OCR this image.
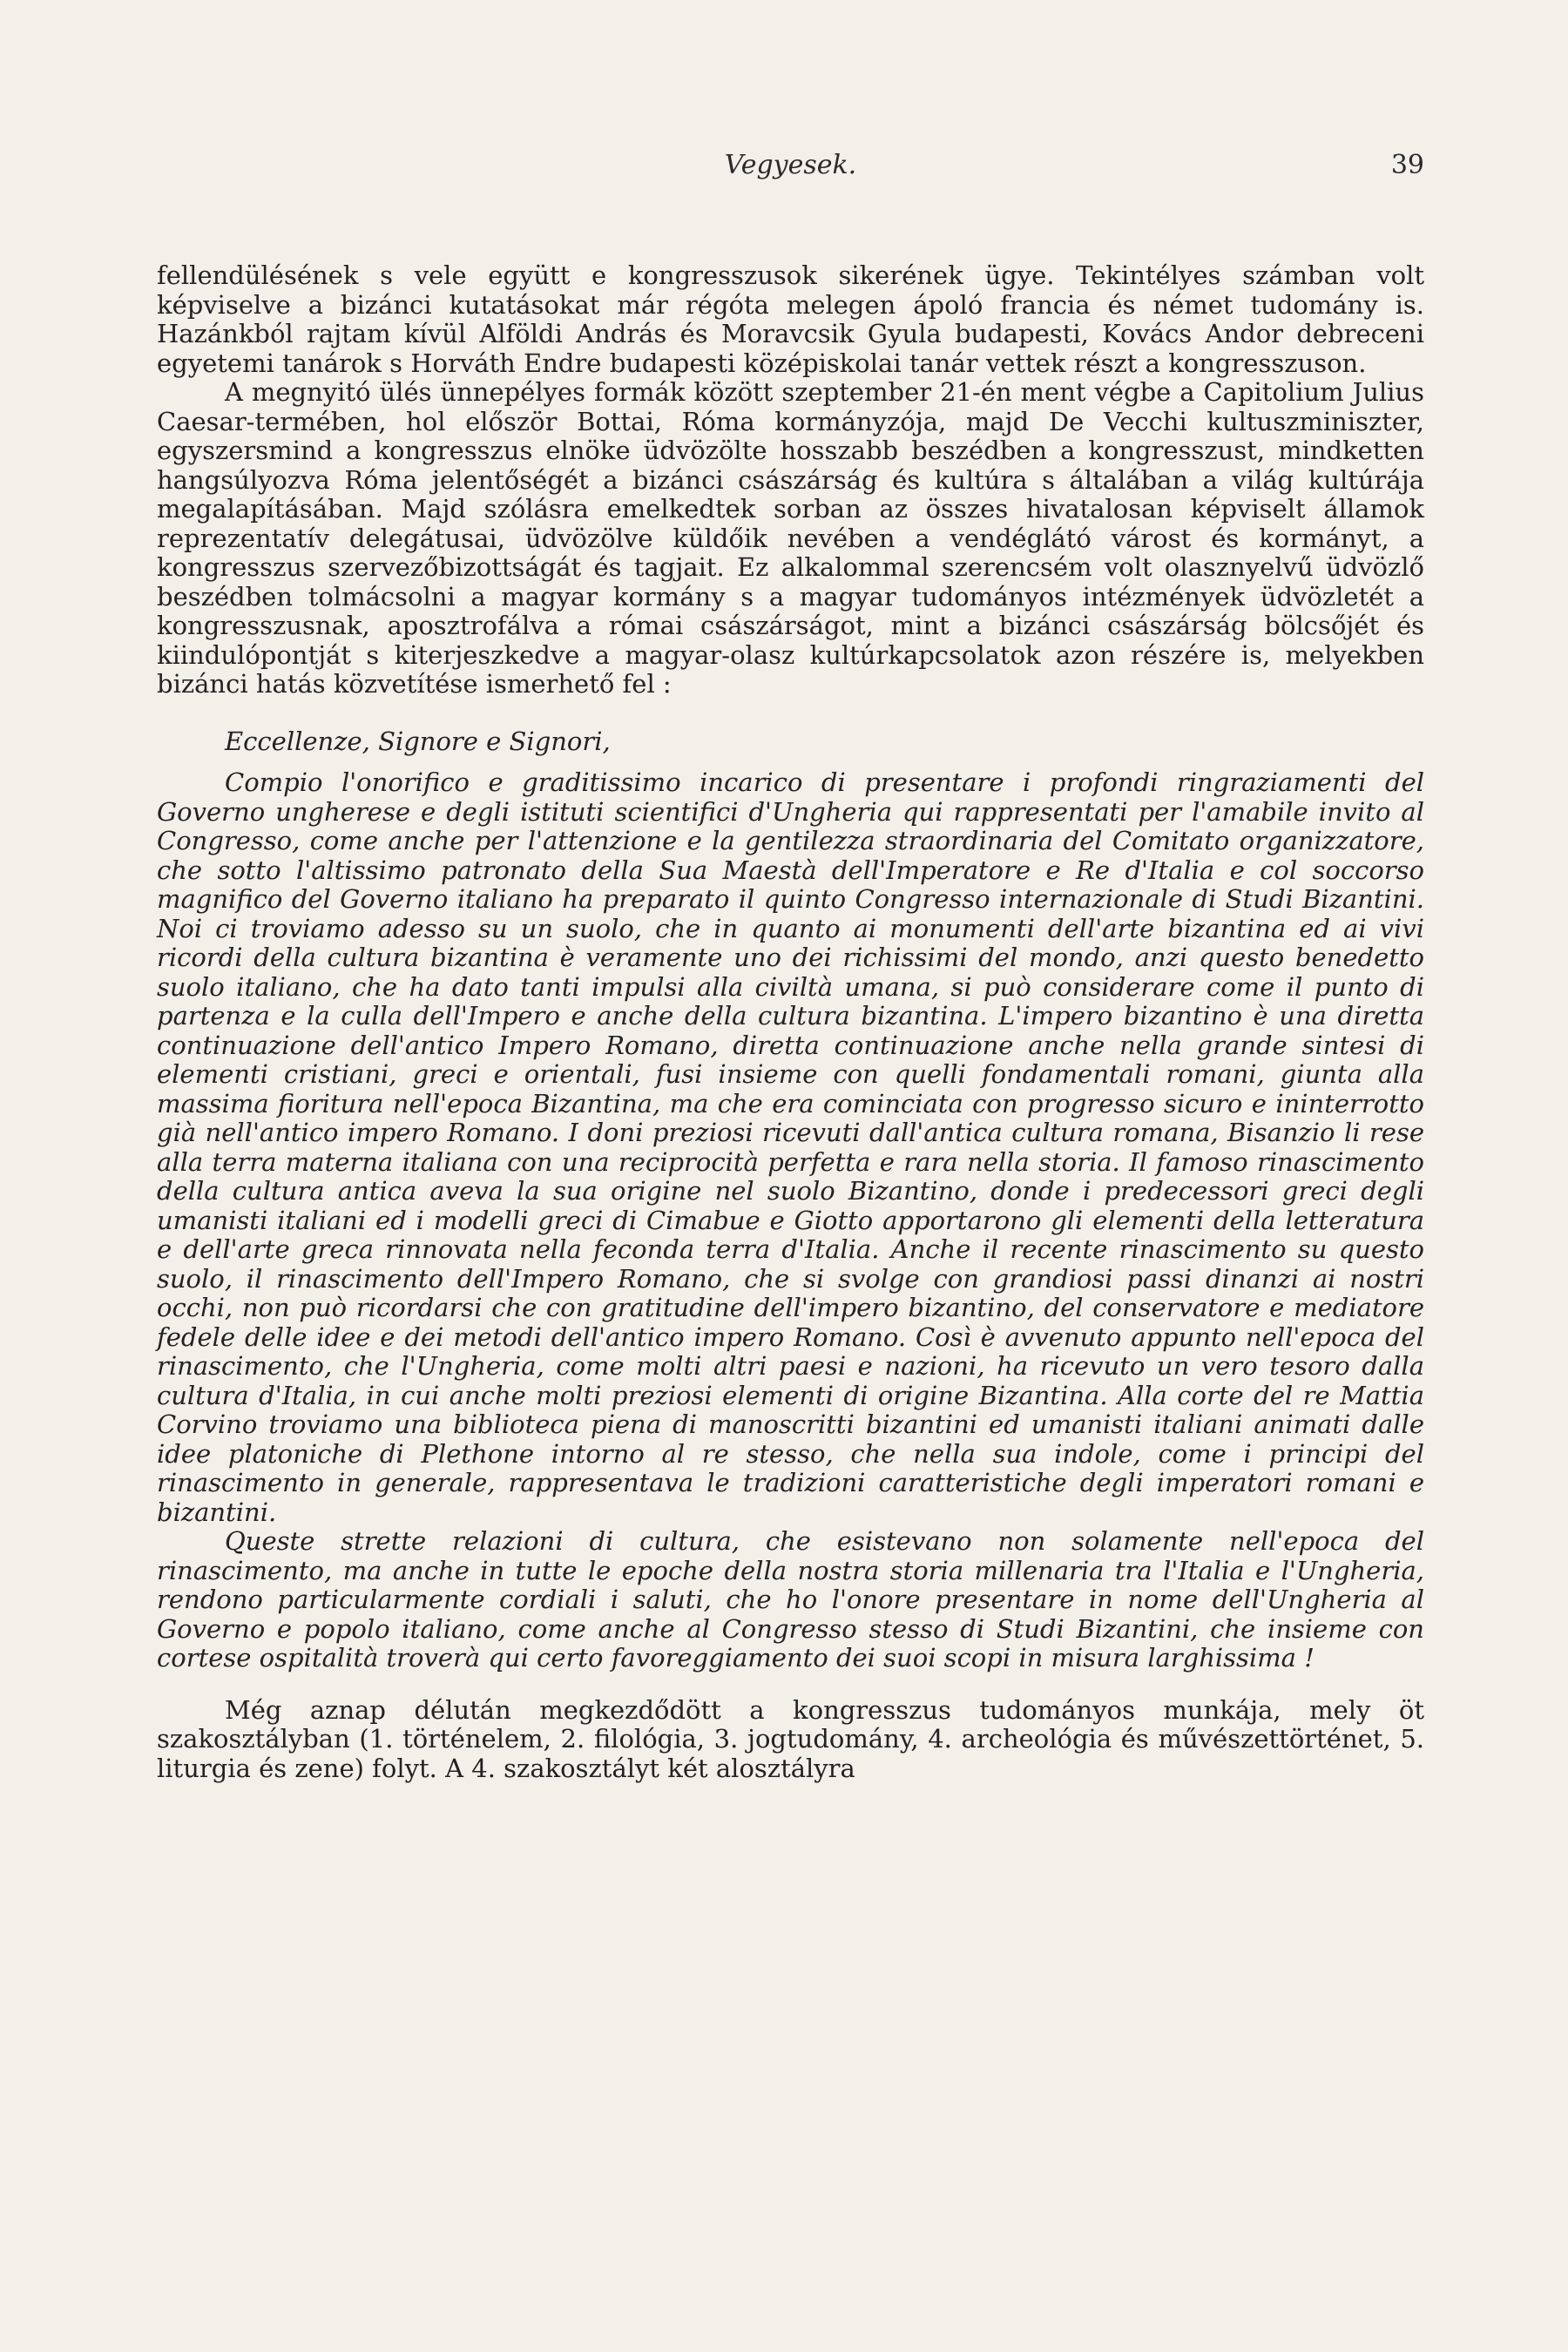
Vegyesek.	39

fellendülésének s vele együtt e kongresszusok sikerének ügye. Tekintélyes számban volt képviselve a bizánci kutatásokat már régóta melegen ápoló francia és német tudomány is. Hazánkból rajtam kívül Alföldi András és Moravcsik Gyula budapesti, Kovács Andor debreceni egyetemi tanárok s Horváth Endre budapesti középiskolai tanár vettek részt a kongresszuson.

A megnyitó ülés ünnepélyes formák között szeptember 21-én ment végbe a Capitolium Julius Caesar-termében, hol először Bottai, Róma kormányzója, majd De Vecchi kultuszminiszter, egyszersmind a kongresszus elnöke üdvözölte hosszabb beszédben a kongresszust, mindketten hangsúlyozva Róma jelentőségét a bizánci császárság és kultúra s általában a világ kultúrája megalapításában. Majd szólásra emelkedtek sorban az összes hivatalosan képviselt államok reprezentatív delegátusai, üdvözölve küldőik nevében a vendéglátó várost és kormányt, a kongresszus szervezőbizottságát és tagjait. Ez alkalommal szerencsém volt olasznyelvű üdvözlő beszédben tolmácsolni a magyar kormány s a magyar tudományos intézmények üdvözletét a kongresszusnak, aposztrofálva a római császárságot, mint a bizánci császárság bölcsőjét és kiindulópontját s kiterjeszkedve a magyar-olasz kultúrkapcsolatok azon részére is, melyekben bizánci hatás közvetítése ismerhető fel :

Eccellenze, Signore e Signori,

Compio l'onorifico e graditissimo incarico di presentare i profondi ringraziamenti del Governo ungherese e degli istituti scientifici d'Ungheria qui rappresentati per l'amabile invito al Congresso, come anche per l'attenzione e la gentilezza straordinaria del Comitato organizzatore, che sotto l'altissimo patronato della Sua Maestà dell'Imperatore e Re d'Italia e col soccorso magnifico del Governo italiano ha preparato il quinto Congresso internazionale di Studi Bizantini. Noi ci troviamo adesso su un suolo, che in quanto ai monumenti dell'arte bizantina ed ai vivi ricordi della cultura bizantina è veramente uno dei richissimi del mondo, anzi questo benedetto suolo italiano, che ha dato tanti impulsi alla civiltà umana, si può considerare come il punto di partenza e la culla dell'Impero e anche della cultura bizantina. L'impero bizantino è una diretta continuazione dell'antico Impero Romano, diretta continuazione anche nella grande sintesi di elementi cristiani, greci e orientali, fusi insieme con quelli fondamentali romani, giunta alla massima fioritura nell'epoca Bizantina, ma che era cominciata con progresso sicuro e ininterrotto già nell'antico impero Romano. I doni preziosi ricevuti dall'antica cultura romana, Bisanzio li rese alla terra materna italiana con una reciprocità perfetta e rara nella storia. Il famoso rinascimento della cultura antica aveva la sua origine nel suolo Bizantino, donde i predecessori greci degli umanisti italiani ed i modelli greci di Cimabue e Giotto apportarono gli elementi della letteratura e dell'arte greca rinnovata nella feconda terra d'Italia. Anche il recente rinascimento su questo suolo, il rinascimento dell'Impero Romano, che si svolge con grandiosi passi dinanzi ai nostri occhi, non può ricordarsi che con gratitudine dell'impero bizantino, del conservatore e mediatore fedele delle idee e dei metodi dell'antico impero Romano. Così è avvenuto appunto nell'epoca del rinascimento, che l'Ungheria, come molti altri paesi e nazioni, ha ricevuto un vero tesoro dalla cultura d'Italia, in cui anche molti preziosi elementi di origine Bizantina. Alla corte del re Mattia Corvino troviamo una biblioteca piena di manoscritti bizantini ed umanisti italiani animati dalle idee platoniche di Plethone intorno al re stesso, che nella sua indole, come i principi del rinascimento in generale, rappresentava le tradizioni caratteristiche degli imperatori romani e bizantini.

Queste strette relazioni di cultura, che esistevano non solamente nell'epoca del rinascimento, ma anche in tutte le epoche della nostra storia millenaria tra l'Italia e l'Ungheria, rendono particularmente cordiali i saluti, che ho l'onore presentare in nome dell'Ungheria al Governo e popolo italiano, come anche al Congresso stesso di Studi Bizantini, che insieme con cortese ospitalità troverà qui certo favoreggiamento dei suoi scopi in misura larghissima !

Még aznap délután megkezdődött a kongresszus tudományos munkája, mely öt szakosztályban (1. történelem, 2. filológia, 3. jogtudomány, 4. archeológia és művészettörténet, 5. liturgia és zene) folyt. A 4. szakosztályt két alosztályra
